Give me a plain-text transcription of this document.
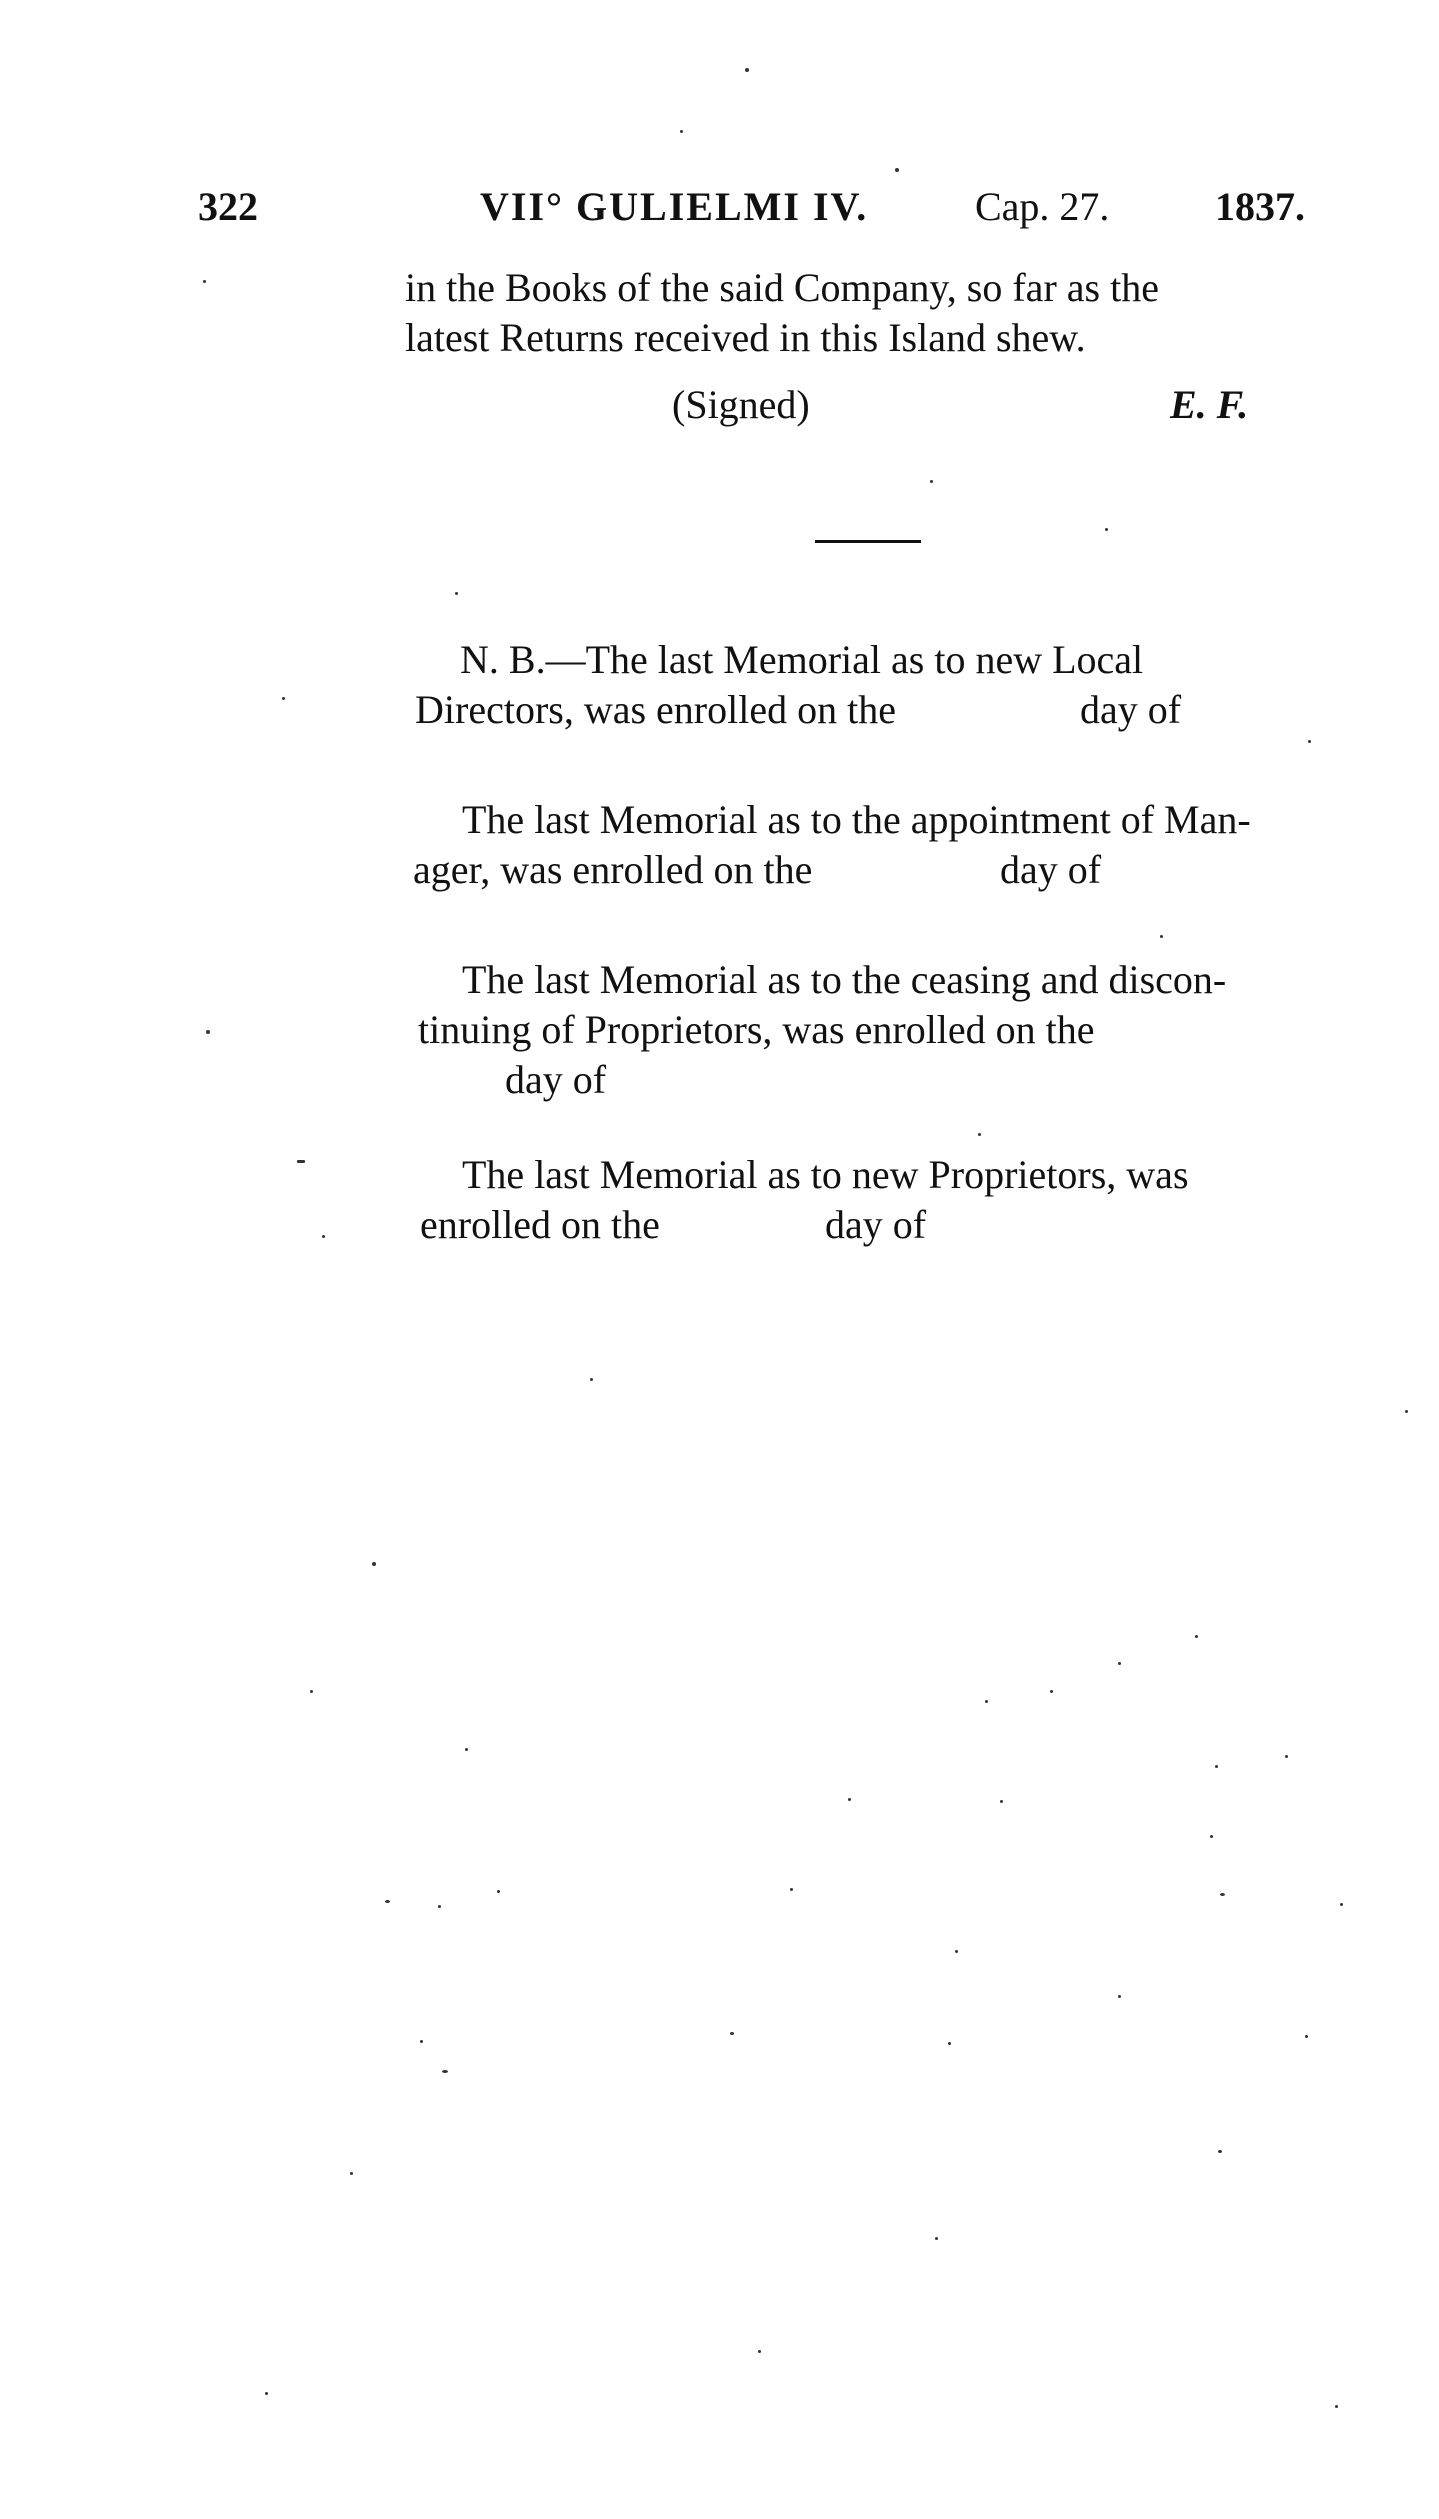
322	VII° GULIELMI IV.	Cap. 27.	1837.
in the Books of the said Company, so far as the
latest Returns received in this Island shew.
(Signed)	E. F.
N. B.—The last Memorial as to new Local
Directors, was enrolled on the	day of
The last Memorial as to the appointment of Man-
ager, was enrolled on the	day of
The last Memorial as to the ceasing and discon-
tinuing of Proprietors, was enrolled on the
day of
The last Memorial as to new Proprietors, was
enrolled on the	day of
